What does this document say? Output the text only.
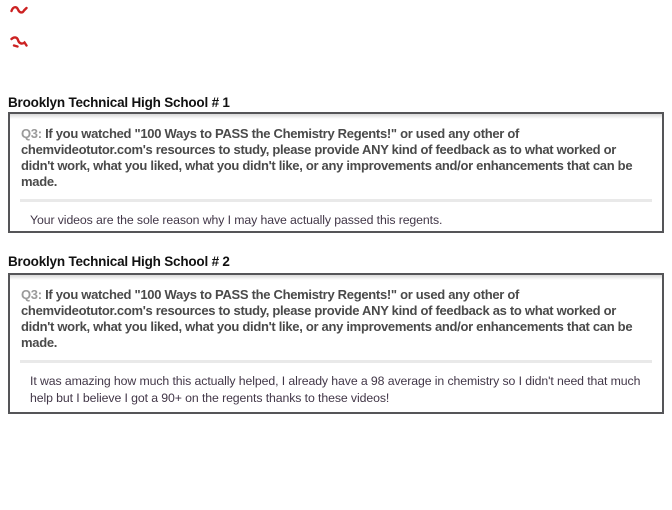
Brooklyn Technical High School # 1
Q3: If you watched "100 Ways to PASS the Chemistry Regents!" or used any other of chemvideotutor.com's resources to study, please provide ANY kind of feedback as to what worked or didn't work, what you liked, what you didn't like, or any improvements and/or enhancements that can be made.
Your videos are the sole reason why I may have actually passed this regents.
Brooklyn Technical High School # 2
Q3: If you watched "100 Ways to PASS the Chemistry Regents!" or used any other of chemvideotutor.com's resources to study, please provide ANY kind of feedback as to what worked or didn't work, what you liked, what you didn't like, or any improvements and/or enhancements that can be made.
It was amazing how much this actually helped, I already have a 98 average in chemistry so I didn't need that much help but I believe I got a 90+ on the regents thanks to these videos!
